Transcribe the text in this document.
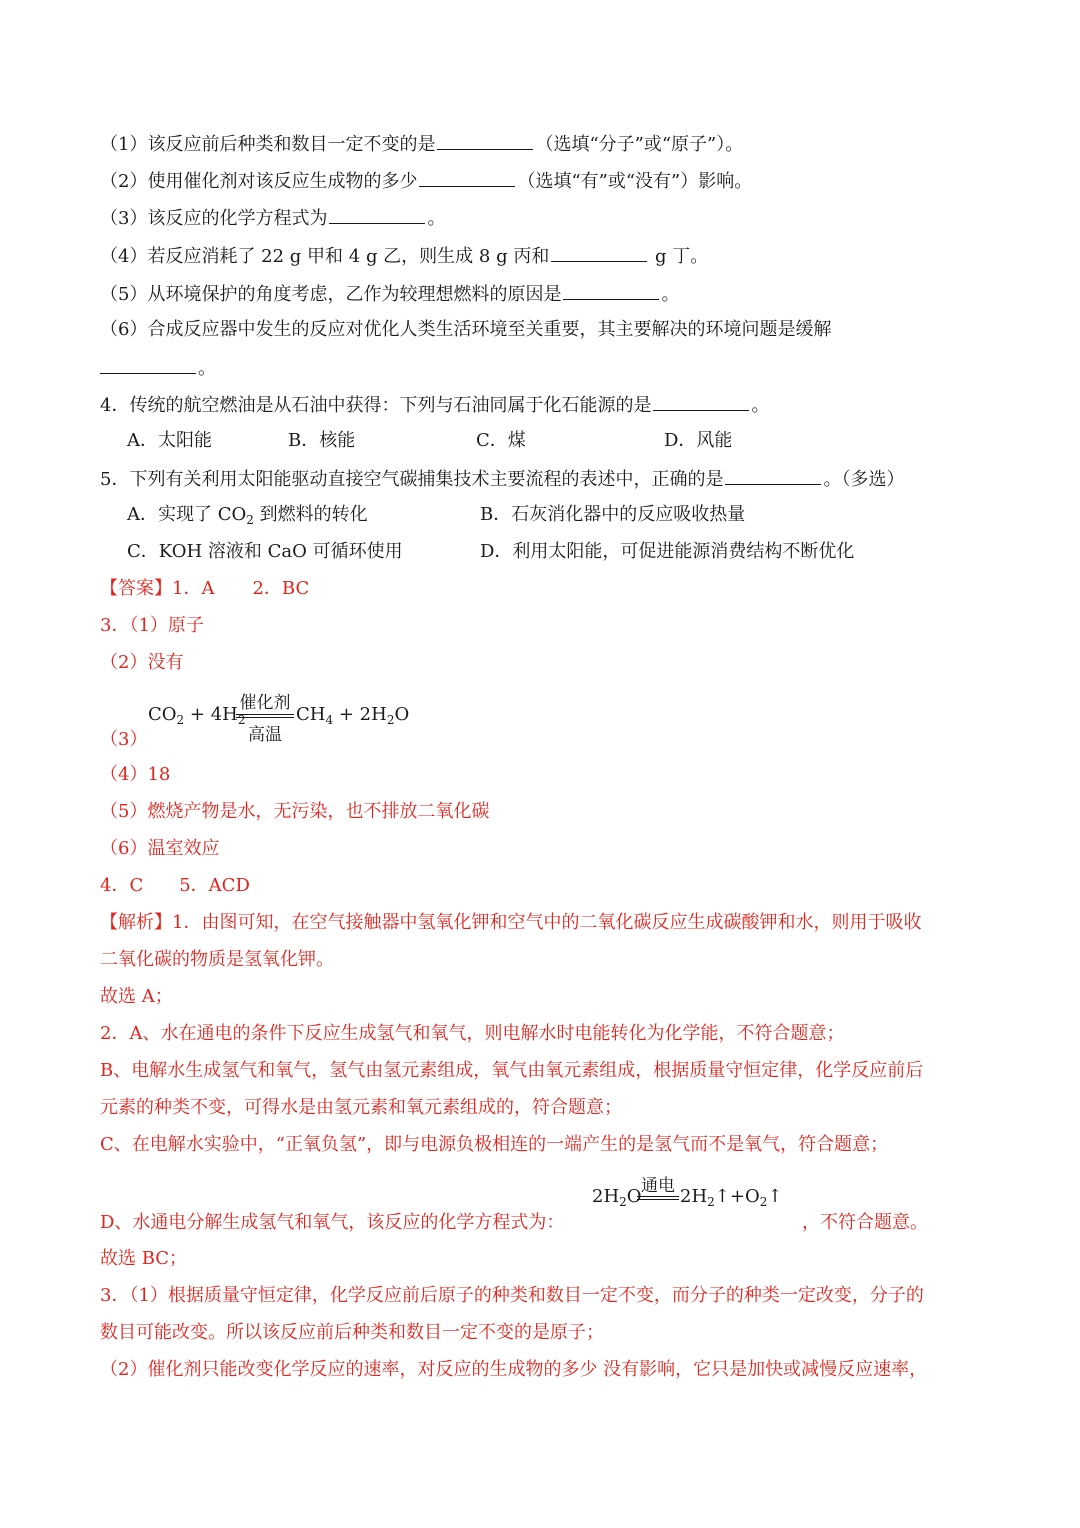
（1）该反应前后种类和数目一定不变的是	（选填“分子”或“原子”）。
（2）使用催化剂对该反应生成物的多少	（选填“有”或“没有”）影响。
（3）该反应的化学方程式为	。
（4）若反应消耗了 22 g 甲和 4 g 乙，则生成 8 g 丙和	g 丁。
（5）从环境保护的角度考虑，乙作为较理想燃料的原因是	。
（6）合成反应器中发生的反应对优化人类生活环境至关重要，其主要解决的环境问题是缓解
。
4．传统的航空燃油是从石油中获得：下列与石油同属于化石能源的是	。
A．太阳能	B．核能	C．煤	D．风能
5．下列有关利用太阳能驱动直接空气碳捕集技术主要流程的表述中，正确的是	。（多选）
A．实现了 $CO_2$ 到燃料的转化	B．石灰消化器中的反应吸收热量
C．KOH 溶液和 CaO 可循环使用	D．利用太阳能，可促进能源消费结构不断优化
【答案】1．A 2．BC
3．（1）原子
（2）没有
$CO_2 + 4H_2$
催化剂
高温
$CH_4 + 2H_2O$
（3）
（4）18
（5）燃烧产物是水，无污染，也不排放二氧化碳
（6）温室效应
4．C　　5．ACD
【解析】1．由图可知，在空气接触器中氢氧化钾和空气中的二氧化碳反应生成碳酸钾和水，则用于吸收
二氧化碳的物质是氢氧化钾。
故选 A；
2．A、水在通电的条件下反应生成氢气和氧气，则电解水时电能转化为化学能，不符合题意；
B、电解水生成氢气和氧气，氢气由氢元素组成，氧气由氧元素组成，根据质量守恒定律，化学反应前后
元素的种类不变，可得水是由氢元素和氧元素组成的，符合题意；
C、在电解水实验中，“正氧负氢”，即与电源负极相连的一端产生的是氢气而不是氧气，符合题意；
$2H_2O$ 通电 $2H_2↑+O_2↑$
D、水通电分解生成氢气和氧气，该反应的化学方程式为：	，不符合题意。
故选 BC；
3．（1）根据质量守恒定律，化学反应前后原子的种类和数目一定不变，而分子的种类一定改变，分子的
数目可能改变。所以该反应前后种类和数目一定不变的是原子；
（2）催化剂只能改变化学反应的速率，对反应的生成物的多少 没有影响，它只是加快或减慢反应速率，
